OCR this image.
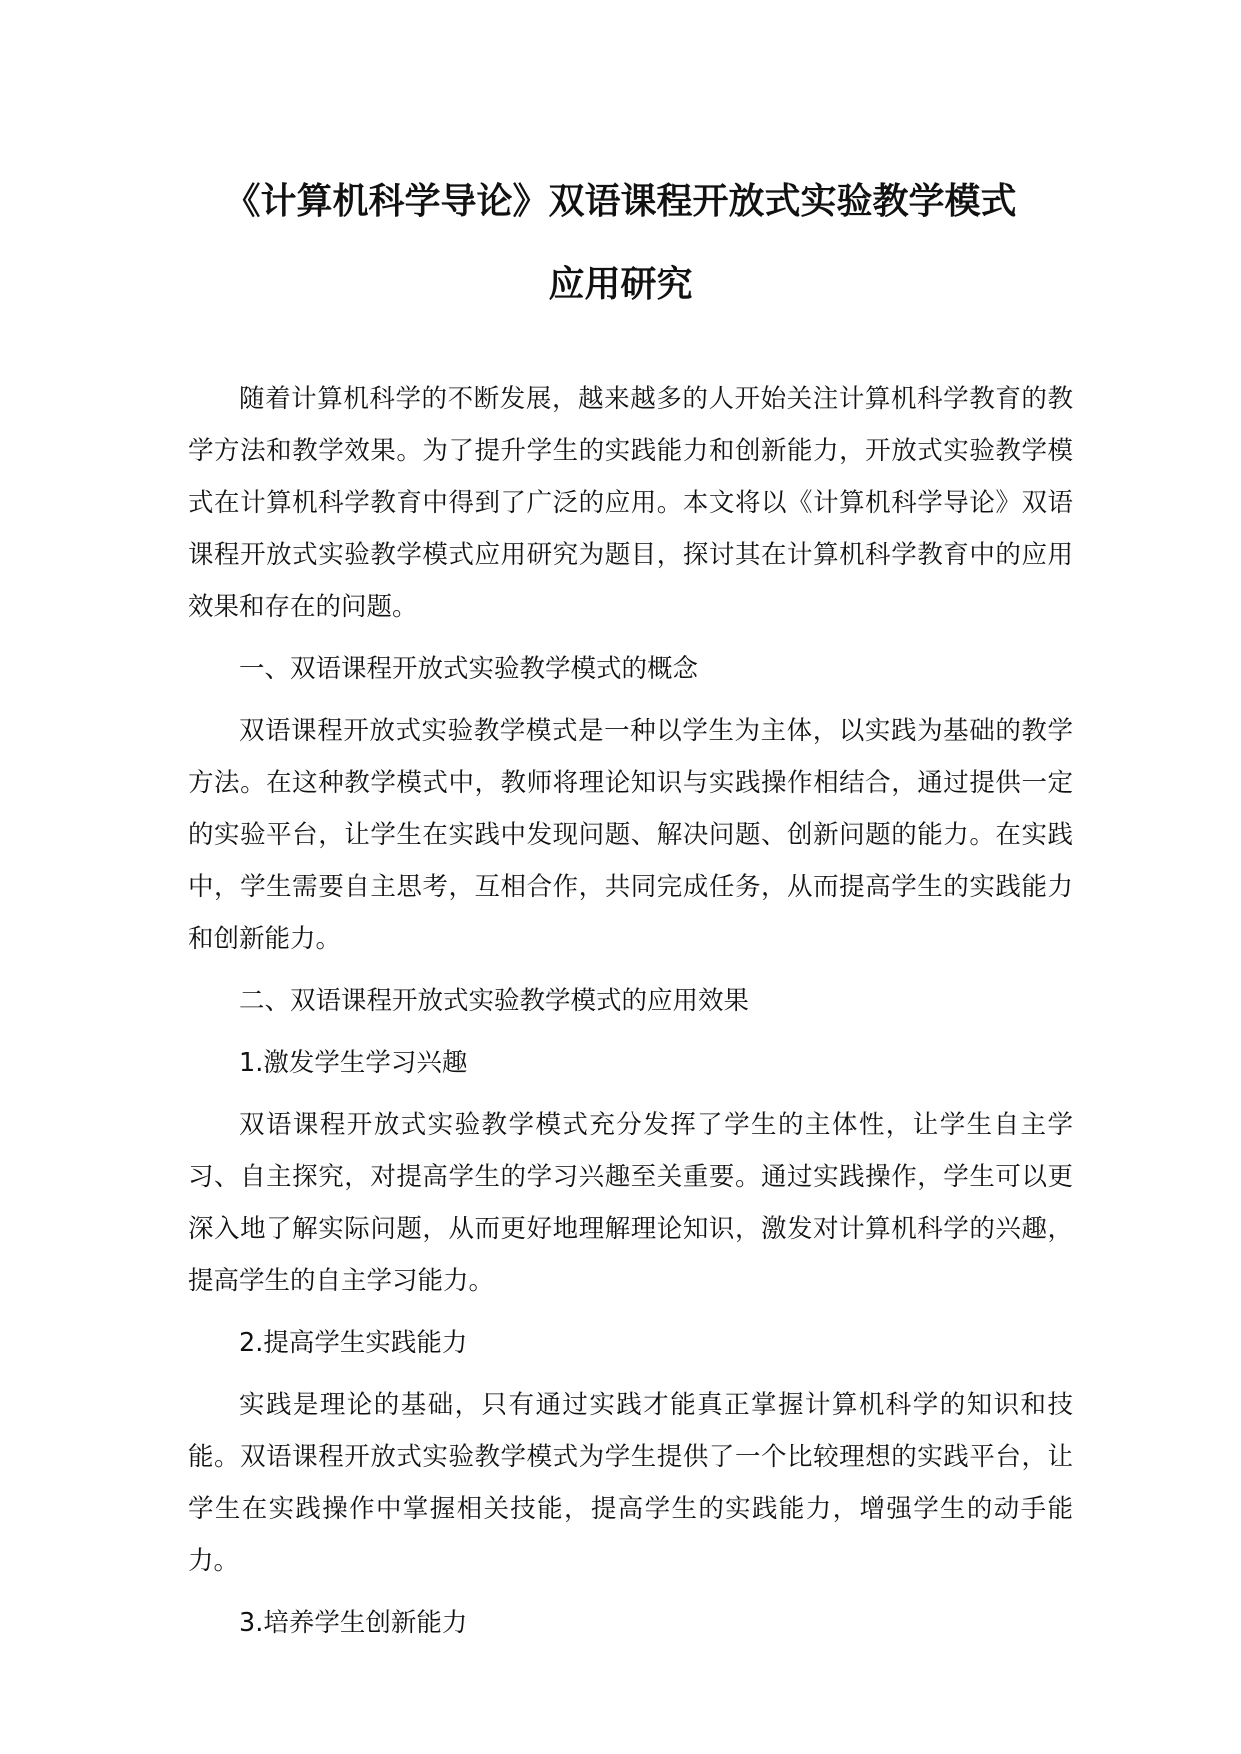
《计算机科学导论》双语课程开放式实验教学模式
应用研究

随着计算机科学的不断发展，越来越多的人开始关注计算机科学教育的教学方法和教学效果。为了提升学生的实践能力和创新能力，开放式实验教学模式在计算机科学教育中得到了广泛的应用。本文将以《计算机科学导论》双语课程开放式实验教学模式应用研究为题目，探讨其在计算机科学教育中的应用效果和存在的问题。

一、双语课程开放式实验教学模式的概念

双语课程开放式实验教学模式是一种以学生为主体，以实践为基础的教学方法。在这种教学模式中，教师将理论知识与实践操作相结合，通过提供一定的实验平台，让学生在实践中发现问题、解决问题、创新问题的能力。在实践中，学生需要自主思考，互相合作，共同完成任务，从而提高学生的实践能力和创新能力。

二、双语课程开放式实验教学模式的应用效果

1.激发学生学习兴趣

双语课程开放式实验教学模式充分发挥了学生的主体性，让学生自主学习、自主探究，对提高学生的学习兴趣至关重要。通过实践操作，学生可以更深入地了解实际问题，从而更好地理解理论知识，激发对计算机科学的兴趣，提高学生的自主学习能力。

2.提高学生实践能力

实践是理论的基础，只有通过实践才能真正掌握计算机科学的知识和技能。双语课程开放式实验教学模式为学生提供了一个比较理想的实践平台，让学生在实践操作中掌握相关技能，提高学生的实践能力，增强学生的动手能力。

3.培养学生创新能力
